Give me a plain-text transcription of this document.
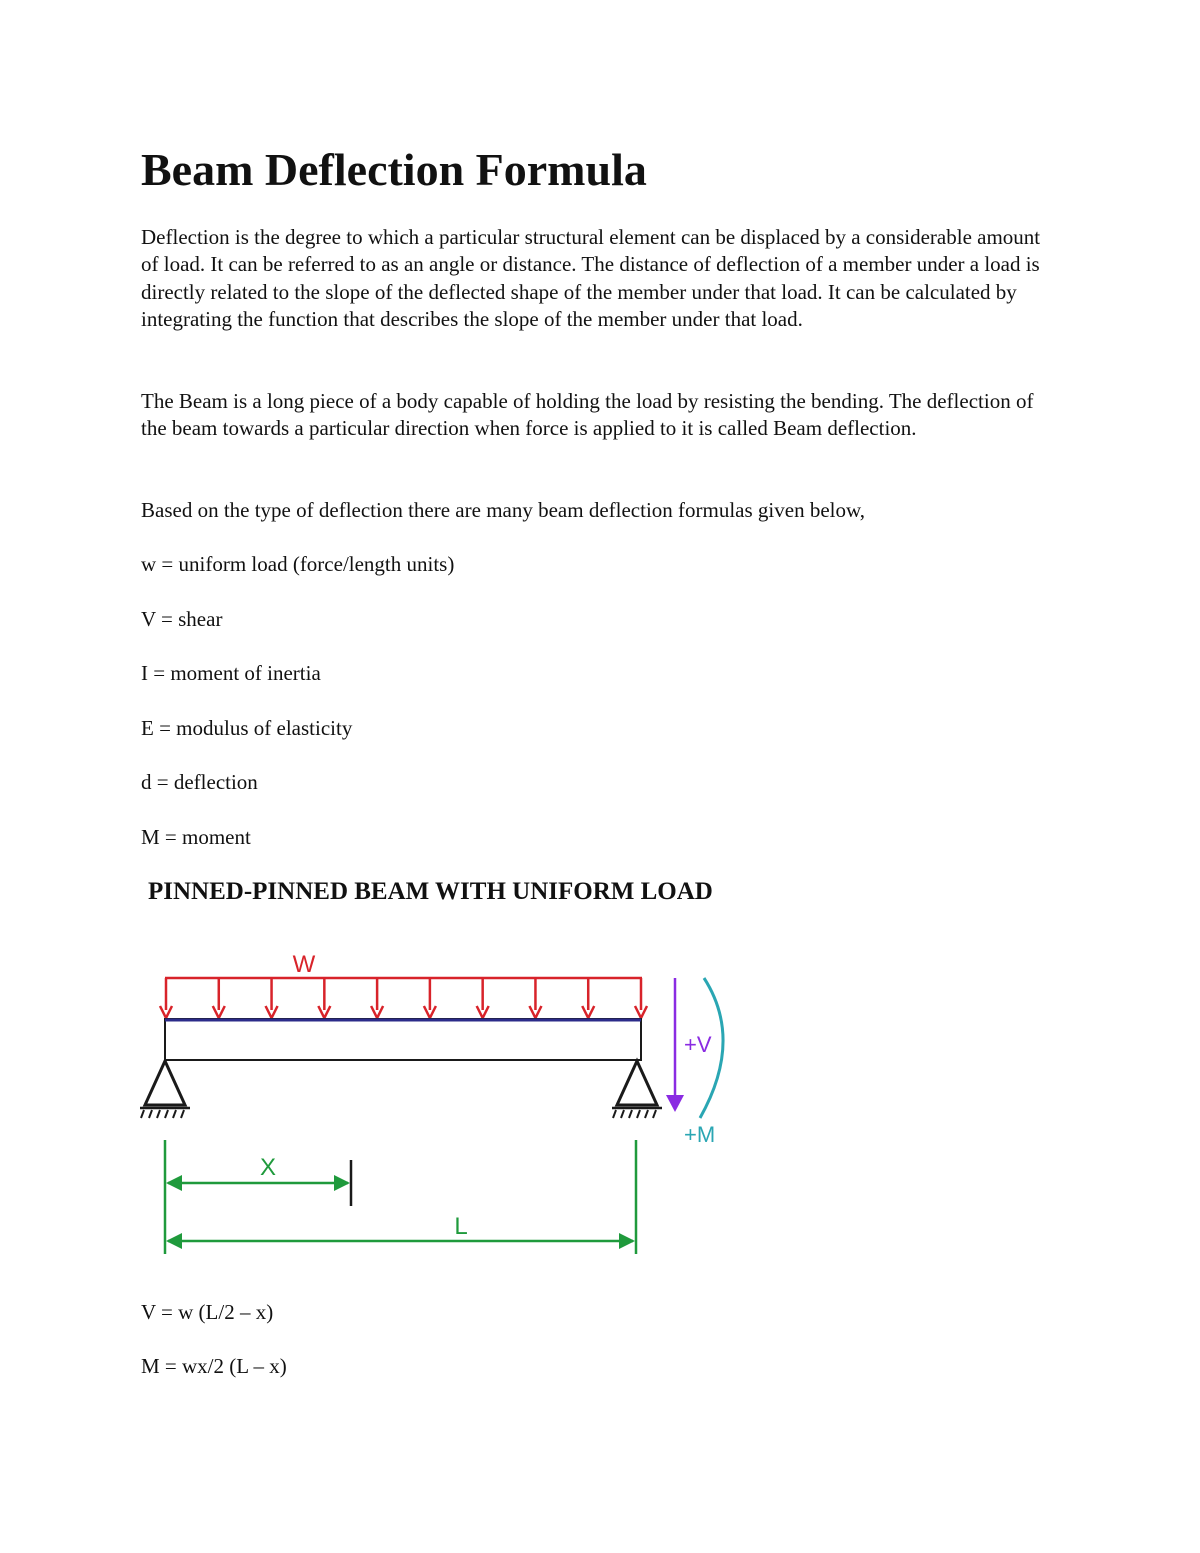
Beam Deflection Formula

Deflection is the degree to which a particular structural element can be displaced by a considerable amount of load. It can be referred to as an angle or distance. The distance of deflection of a member under a load is directly related to the slope of the deflected shape of the member under that load. It can be calculated by integrating the function that describes the slope of the member under that load.

The Beam is a long piece of a body capable of holding the load by resisting the bending. The deflection of the beam towards a particular direction when force is applied to it is called Beam deflection.

Based on the type of deflection there are many beam deflection formulas given below,

w = uniform load (force/length units)

V = shear

I = moment of inertia

E = modulus of elasticity

d = deflection

M = moment

PINNED-PINNED BEAM WITH UNIFORM LOAD
W
+V
+M
X
L

V = w (L/2 – x)

M = wx/2 (L – x)
